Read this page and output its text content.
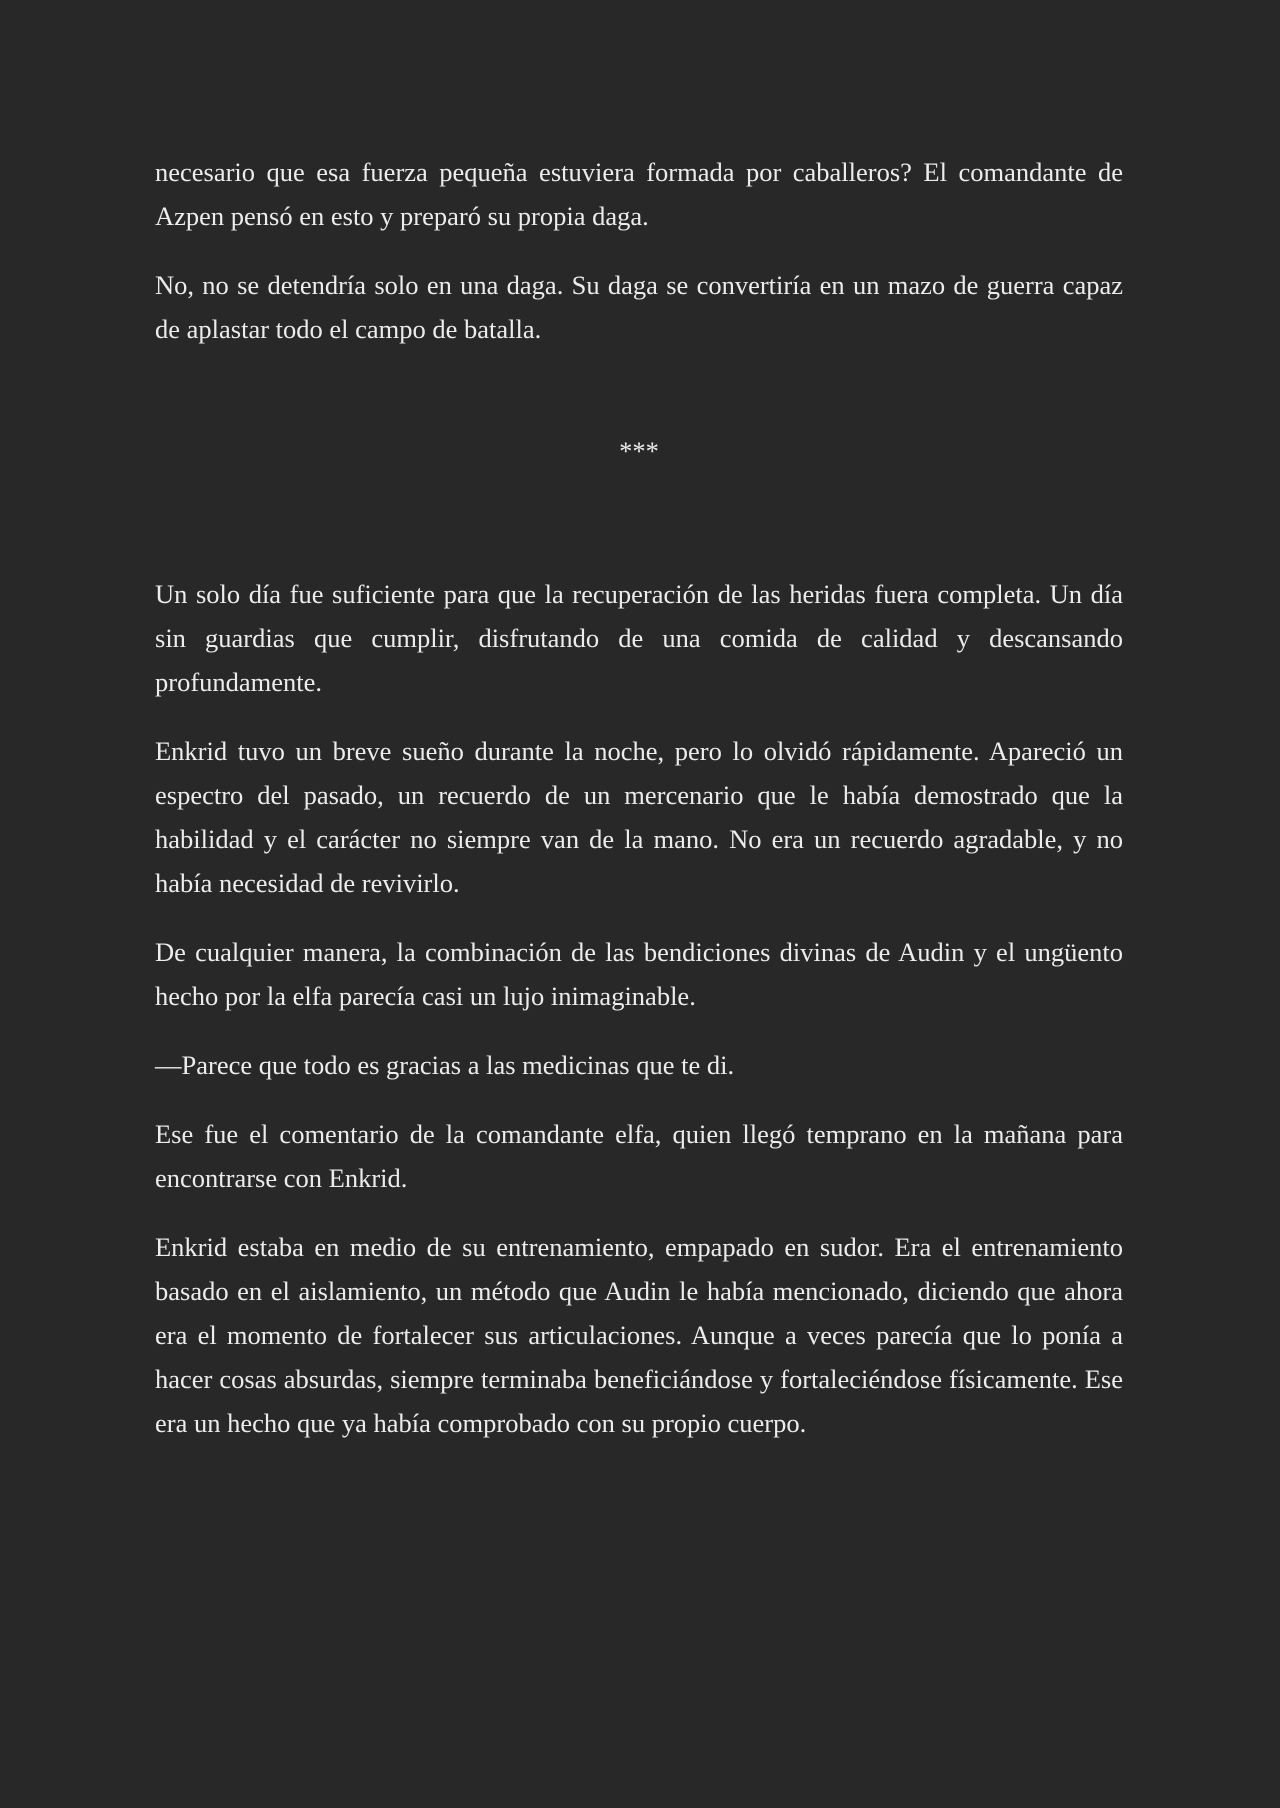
necesario que esa fuerza pequeña estuviera formada por caballeros? El comandante de Azpen pensó en esto y preparó su propia daga.

No, no se detendría solo en una daga. Su daga se convertiría en un mazo de guerra capaz de aplastar todo el campo de batalla.

***

Un solo día fue suficiente para que la recuperación de las heridas fuera completa. Un día sin guardias que cumplir, disfrutando de una comida de calidad y descansando profundamente.

Enkrid tuvo un breve sueño durante la noche, pero lo olvidó rápidamente. Apareció un espectro del pasado, un recuerdo de un mercenario que le había demostrado que la habilidad y el carácter no siempre van de la mano. No era un recuerdo agradable, y no había necesidad de revivirlo.

De cualquier manera, la combinación de las bendiciones divinas de Audin y el ungüento hecho por la elfa parecía casi un lujo inimaginable.

—Parece que todo es gracias a las medicinas que te di.

Ese fue el comentario de la comandante elfa, quien llegó temprano en la mañana para encontrarse con Enkrid.

Enkrid estaba en medio de su entrenamiento, empapado en sudor. Era el entrenamiento basado en el aislamiento, un método que Audin le había mencionado, diciendo que ahora era el momento de fortalecer sus articulaciones. Aunque a veces parecía que lo ponía a hacer cosas absurdas, siempre terminaba beneficiándose y fortaleciéndose físicamente. Ese era un hecho que ya había comprobado con su propio cuerpo.
